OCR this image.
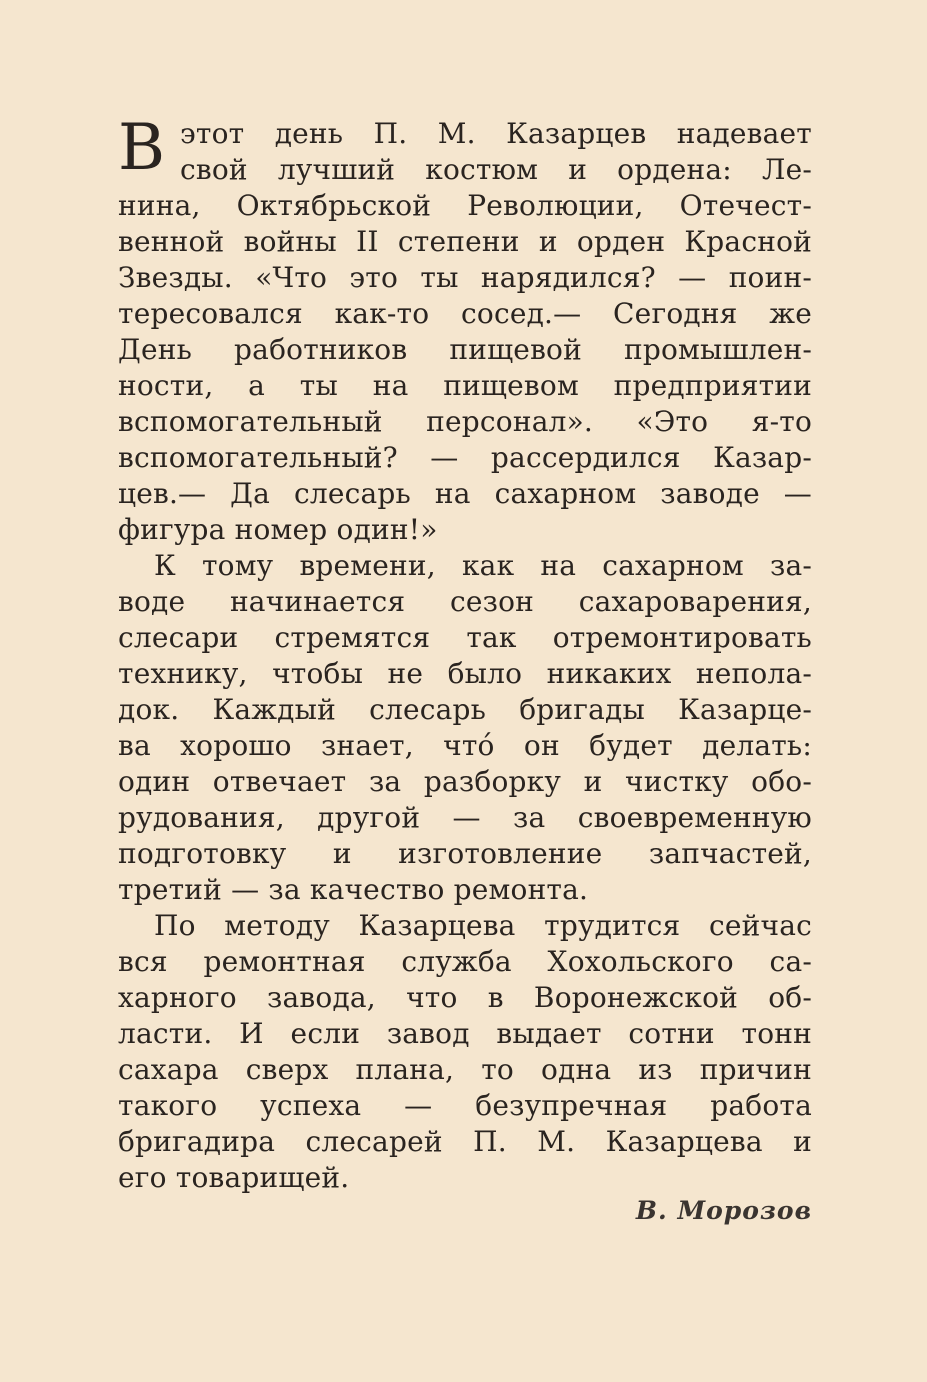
В этот день П. М. Казарцев надевает
свой лучший костюм и ордена: Ле-
нина, Октябрьской Революции, Отечест-
венной войны II степени и орден Красной
Звезды. «Что это ты нарядился? — поин-
тересовался как-то сосед.— Сегодня же
День работников пищевой промышлен-
ности, а ты на пищевом предприятии
вспомогательный персонал». «Это я-то
вспомогательный? — рассердился Казар-
цев.— Да слесарь на сахарном заводе —
фигура номер один!»
К тому времени, как на сахарном за-
воде начинается сезон сахароварения,
слесари стремятся так отремонтировать
технику, чтобы не было никаких непола-
док. Каждый слесарь бригады Казарце-
ва хорошо знает, что́ он будет делать:
один отвечает за разборку и чистку обо-
рудования, другой — за своевременную
подготовку и изготовление запчастей,
третий — за качество ремонта.
По методу Казарцева трудится сейчас
вся ремонтная служба Хохольского са-
харного завода, что в Воронежской об-
ласти. И если завод выдает сотни тонн
сахара сверх плана, то одна из причин
такого успеха — безупречная работа
бригадира слесарей П. М. Казарцева и
его товарищей.
В. Морозов
